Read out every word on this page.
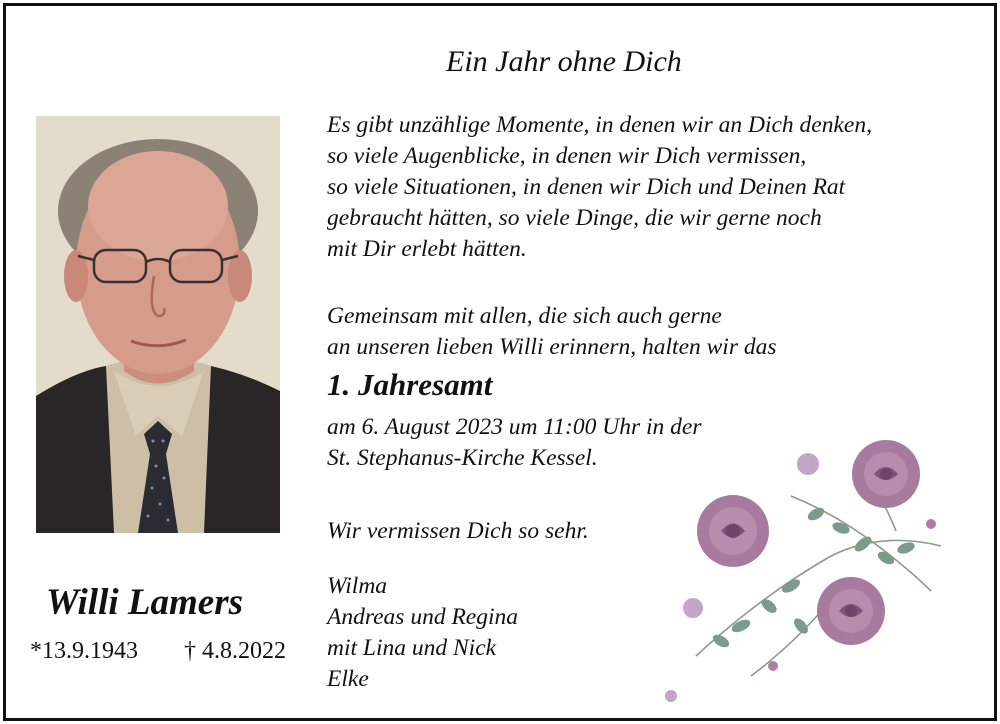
Ein Jahr ohne Dich

Es gibt unzählige Momente, in denen wir an Dich denken,
so viele Augenblicke, in denen wir Dich vermissen,
so viele Situationen, in denen wir Dich und Deinen Rat
gebraucht hätten, so viele Dinge, die wir gerne noch
mit Dir erlebt hätten.
Gemeinsam mit allen, die sich auch gerne
an unseren lieben Willi erinnern, halten wir das

1. Jahresamt

am 6. August 2023 um 11:00 Uhr in der
St. Stephanus-Kirche Kessel.

Wir vermissen Dich so sehr.

Wilma
Andreas und Regina
mit Lina und Nick
Elke

Willi Lamers

*13.9.1943 † 4.8.2022
